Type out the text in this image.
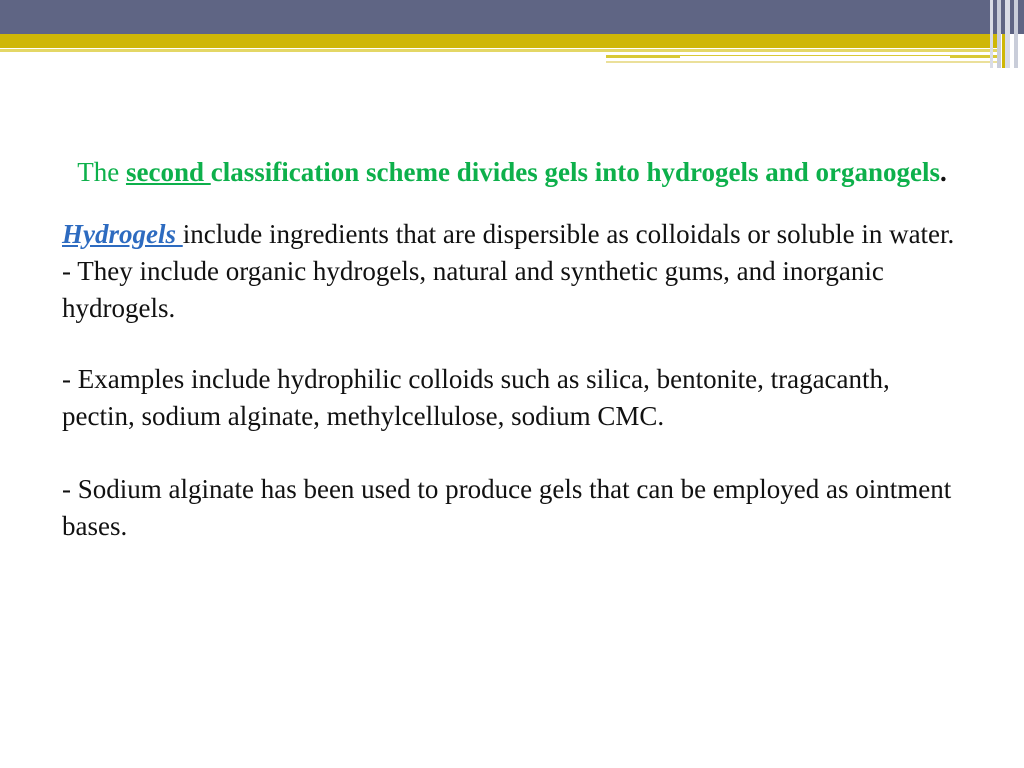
The second classification scheme divides gels into hydrogels and organogels.

Hydrogels include ingredients that are dispersible as colloidals or soluble in water.

- They include organic hydrogels, natural and synthetic gums, and inorganic hydrogels.

- Examples include hydrophilic colloids such as silica, bentonite, tragacanth, pectin, sodium alginate, methylcellulose, sodium CMC.

- Sodium alginate has been used to produce gels that can be employed as ointment bases.
